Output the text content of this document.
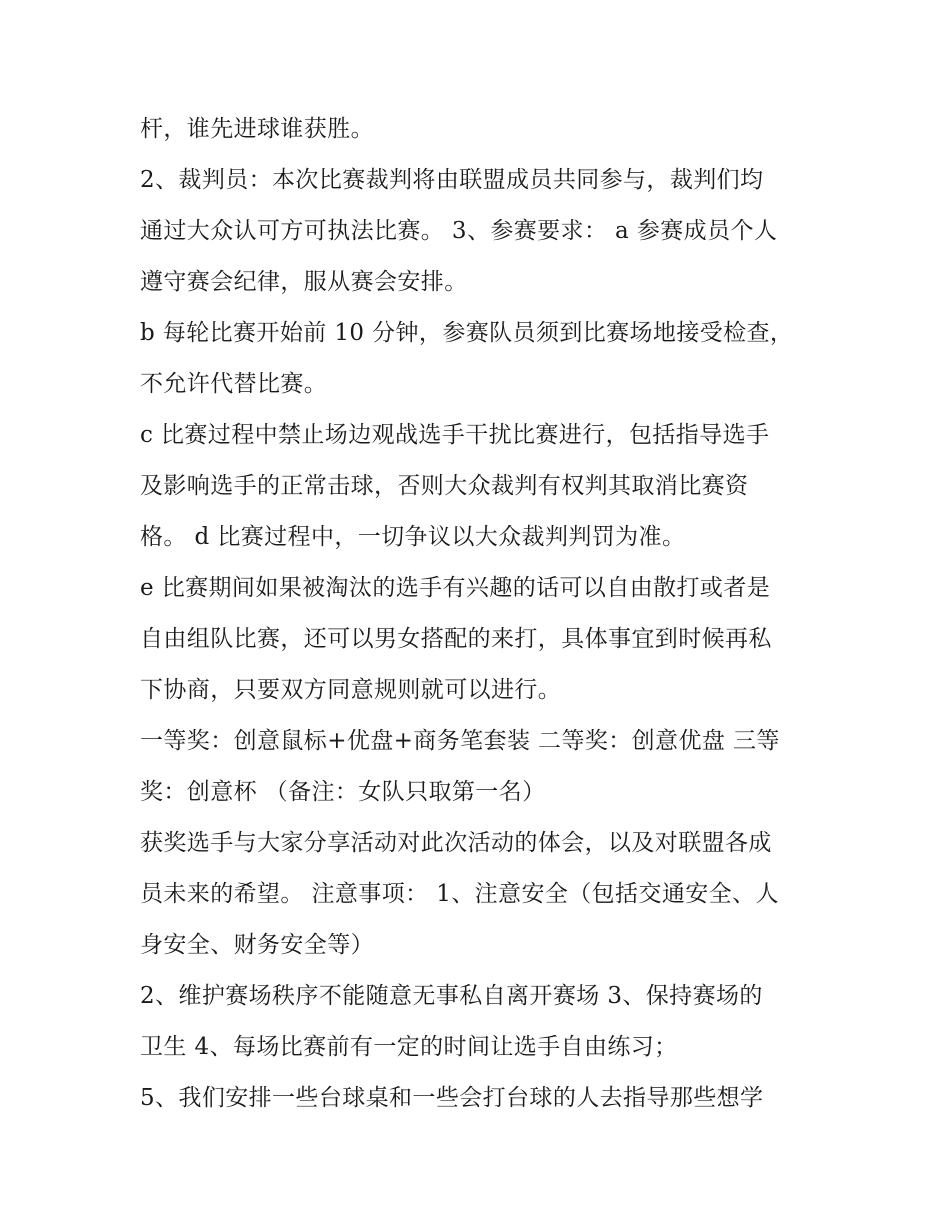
杆，谁先进球谁获胜。

2、裁判员：本次比赛裁判将由联盟成员共同参与，裁判们均

通过大众认可方可执法比赛。 3、参赛要求： a 参赛成员个人

遵守赛会纪律，服从赛会安排。

b 每轮比赛开始前 10 分钟，参赛队员须到比赛场地接受检查，

不允许代替比赛。

c 比赛过程中禁止场边观战选手干扰比赛进行，包括指导选手

及影响选手的正常击球，否则大众裁判有权判其取消比赛资

格。 d 比赛过程中，一切争议以大众裁判判罚为准。

e 比赛期间如果被淘汰的选手有兴趣的话可以自由散打或者是

自由组队比赛，还可以男女搭配的来打，具体事宜到时候再私

下协商，只要双方同意规则就可以进行。

一等奖：创意鼠标+优盘+商务笔套装 二等奖：创意优盘 三等

奖：创意杯 （备注：女队只取第一名）

获奖选手与大家分享活动对此次活动的体会，以及对联盟各成

员未来的希望。 注意事项： 1、注意安全（包括交通安全、人

身安全、财务安全等）

2、维护赛场秩序不能随意无事私自离开赛场 3、保持赛场的

卫生 4、每场比赛前有一定的时间让选手自由练习；

5、我们安排一些台球桌和一些会打台球的人去指导那些想学
